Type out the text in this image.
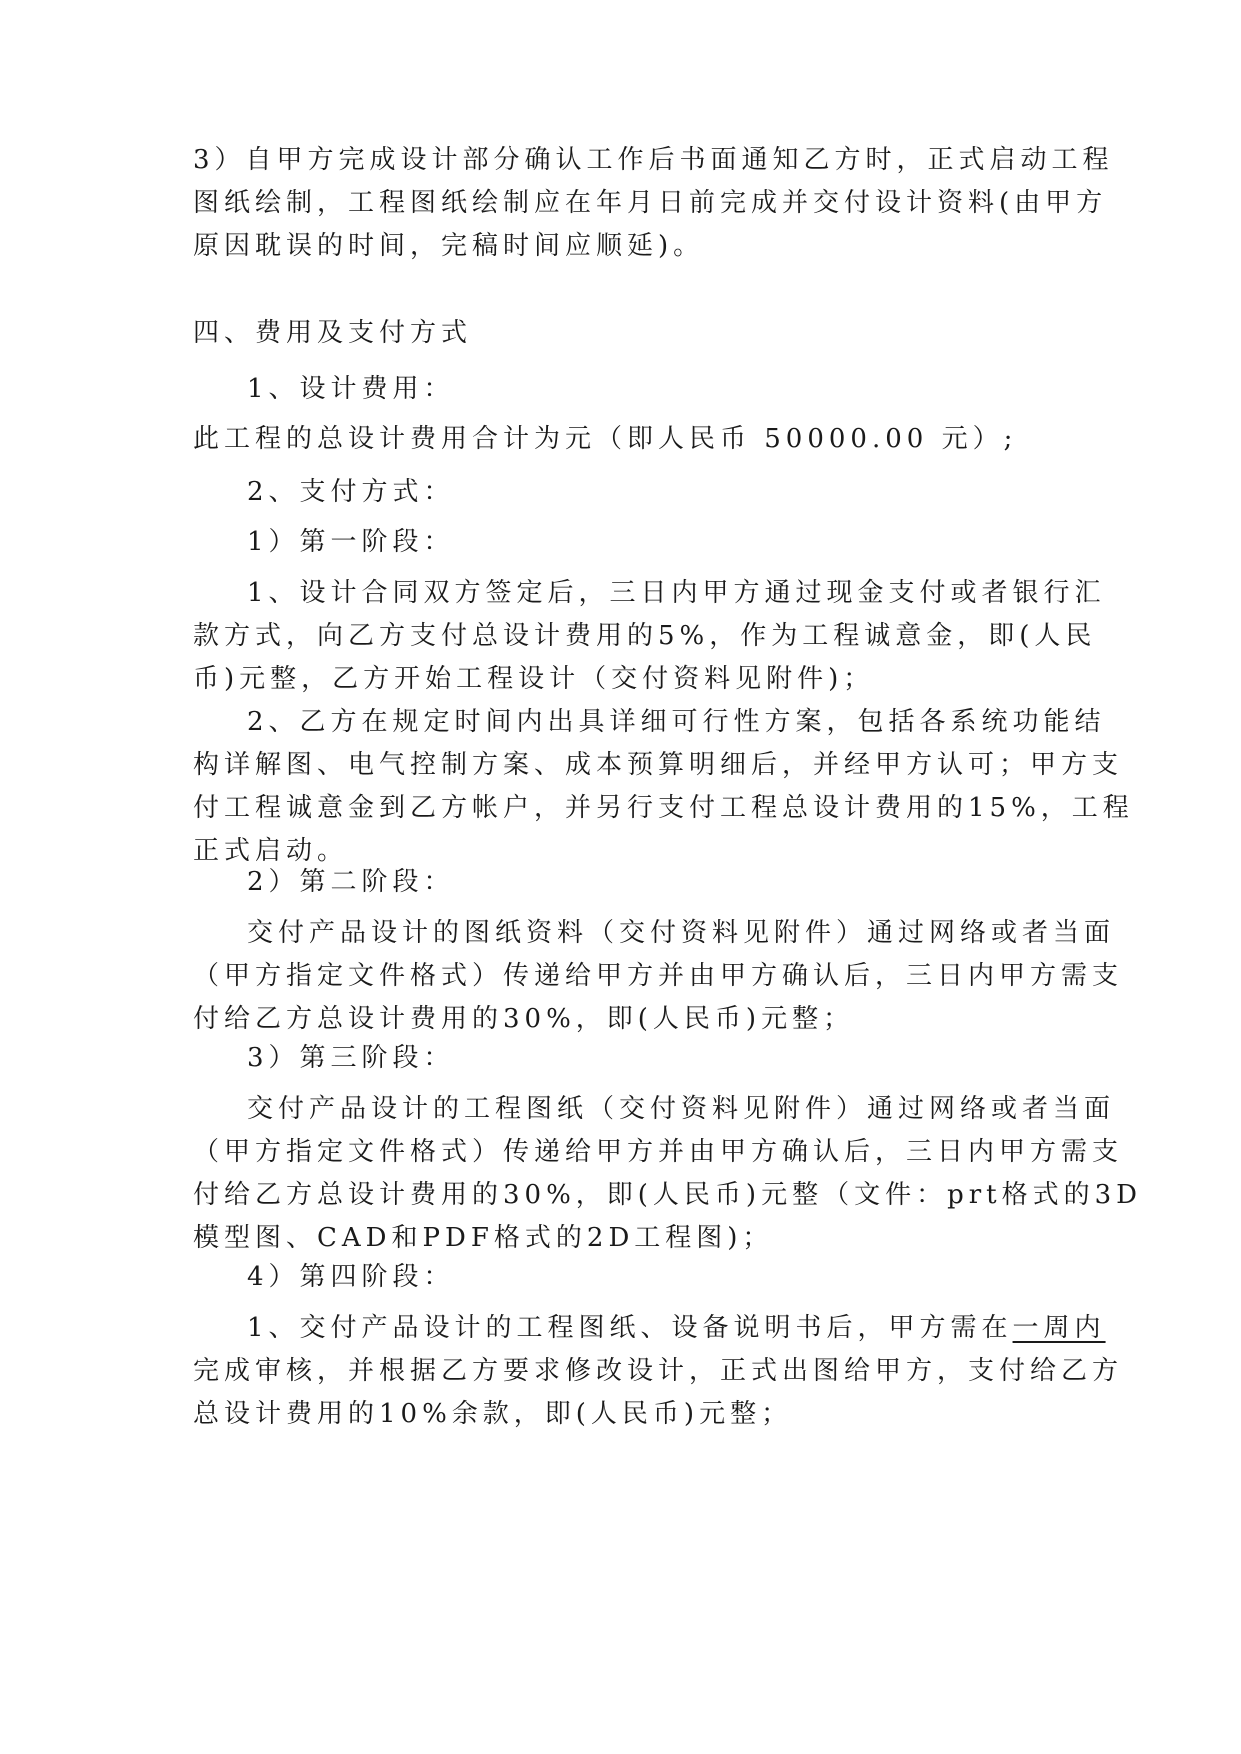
3）自甲方完成设计部分确认工作后书面通知乙方时，正式启动工程
图纸绘制，工程图纸绘制应在年月日前完成并交付设计资料(由甲方
原因耽误的时间，完稿时间应顺延)。

四、费用及支付方式

1、设计费用：

此工程的总设计费用合计为元（即人民币 50000.00 元）;

2、支付方式：

1）第一阶段：

1、设计合同双方签定后，三日内甲方通过现金支付或者银行汇
款方式，向乙方支付总设计费用的5%，作为工程诚意金，即(人民
币)元整，乙方开始工程设计（交付资料见附件)；

2、乙方在规定时间内出具详细可行性方案，包括各系统功能结
构详解图、电气控制方案、成本预算明细后，并经甲方认可；甲方支
付工程诚意金到乙方帐户，并另行支付工程总设计费用的15%，工程
正式启动。

2）第二阶段：

交付产品设计的图纸资料（交付资料见附件）通过网络或者当面
（甲方指定文件格式）传递给甲方并由甲方确认后，三日内甲方需支
付给乙方总设计费用的30%，即(人民币)元整；

3）第三阶段：

交付产品设计的工程图纸（交付资料见附件）通过网络或者当面
（甲方指定文件格式）传递给甲方并由甲方确认后，三日内甲方需支
付给乙方总设计费用的30%，即(人民币)元整（文件：prt格式的3D
模型图、CAD和PDF格式的2D工程图)；

4）第四阶段：

1、交付产品设计的工程图纸、设备说明书后，甲方需在一周内
完成审核，并根据乙方要求修改设计，正式出图给甲方，支付给乙方
总设计费用的10%余款，即(人民币)元整；
